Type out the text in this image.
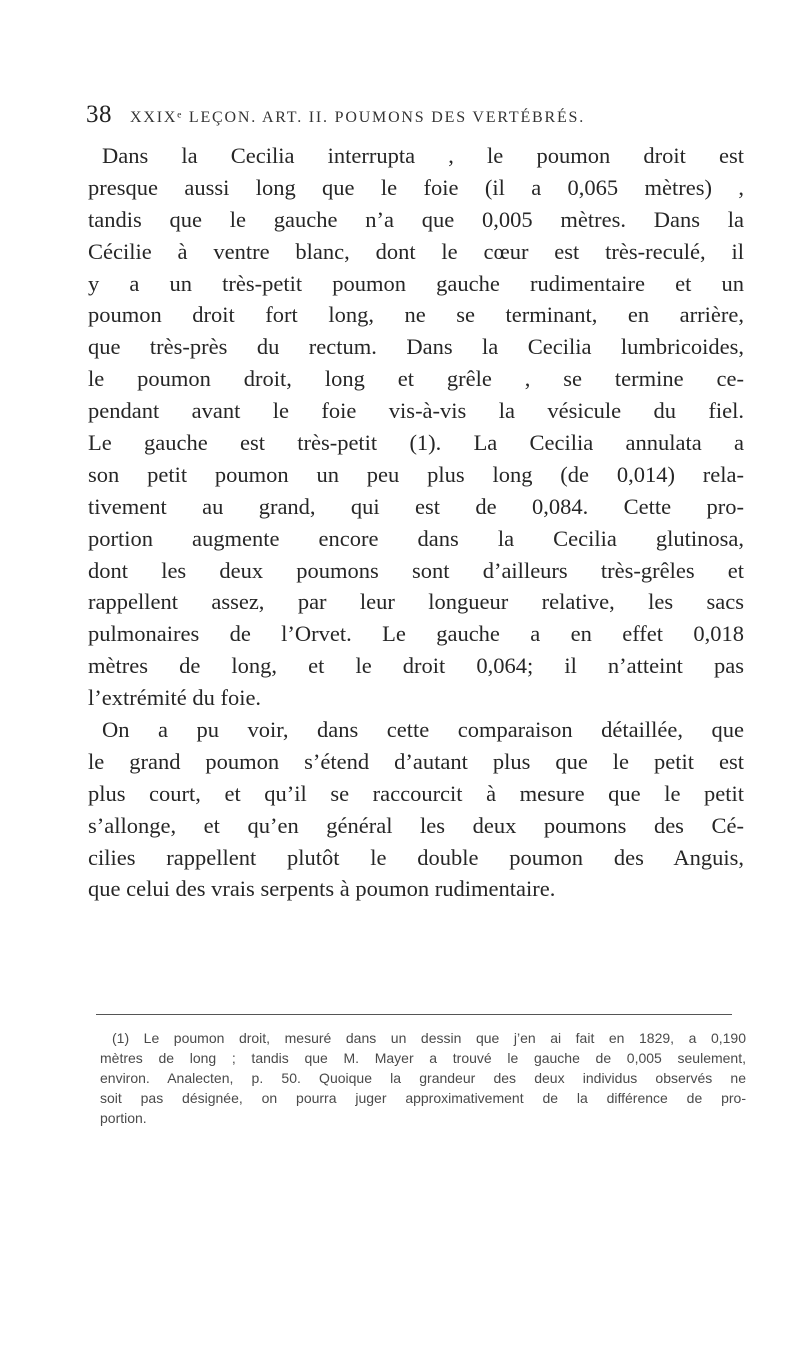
38 XXIXᵉ LEÇON. ART. II. POUMONS DES VERTÉBRÉS.
Dans la Cecilia interrupta , le poumon droit est
presque aussi long que le foie (il a 0,065 mètres) ,
tandis que le gauche n’a que 0,005 mètres. Dans la
Cécilie à ventre blanc, dont le cœur est très-reculé, il
y a un très-petit poumon gauche rudimentaire et un
poumon droit fort long, ne se terminant, en arrière,
que très-près du rectum. Dans la Cecilia lumbricoides,
le poumon droit, long et grêle , se termine ce-
pendant avant le foie vis-à-vis la vésicule du fiel.
Le gauche est très-petit (1). La Cecilia annulata a
son petit poumon un peu plus long (de 0,014) rela-
tivement au grand, qui est de 0,084. Cette pro-
portion augmente encore dans la Cecilia glutinosa,
dont les deux poumons sont d’ailleurs très-grêles et
rappellent assez, par leur longueur relative, les sacs
pulmonaires de l’Orvet. Le gauche a en effet 0,018
mètres de long, et le droit 0,064; il n’atteint pas
l’extrémité du foie.
On a pu voir, dans cette comparaison détaillée, que
le grand poumon s’étend d’autant plus que le petit est
plus court, et qu’il se raccourcit à mesure que le petit
s’allonge, et qu’en général les deux poumons des Cé-
cilies rappellent plutôt le double poumon des Anguis,
que celui des vrais serpents à poumon rudimentaire.
(1) Le poumon droit, mesuré dans un dessin que j’en ai fait en 1829, a 0,190
mètres de long ; tandis que M. Mayer a trouvé le gauche de 0,005 seulement,
environ. Analecten, p. 50. Quoique la grandeur des deux individus observés ne
soit pas désignée, on pourra juger approximativement de la différence de pro-
portion.
